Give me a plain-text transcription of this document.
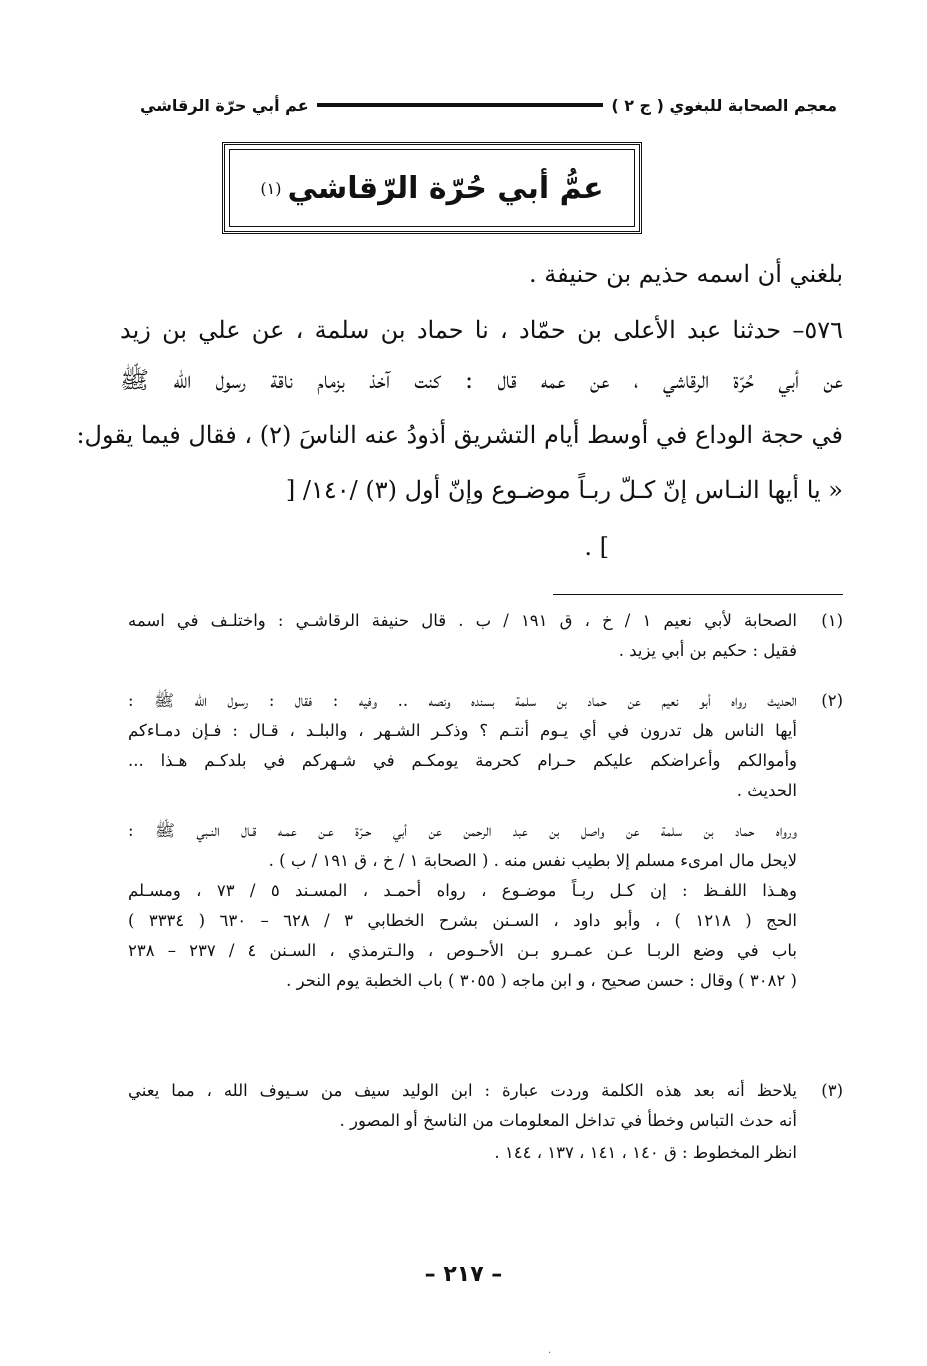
معجم الصحابة للبغوي ( ج ٢ )
عم أبي حرّة الرقاشي
عمُّ أبي حُرّة الرّقاشي
(١)
بلغني أن اسمه حذيم بن حنيفة .
٥٧٦– حدثنا عبد الأعلى بن حمّاد ، نا حماد بن سلمة ، عن علي بن زيد
عن أبي حُرّة الرقاشي ، عن عمه قال : كنت آخذ بزمام ناقة رسول الله ﷺ
في حجة الوداع في أوسط أيام التشريق أذودُ عنه الناسَ (٢) ، فقال فيما يقول:
« يا أيها النـاس إنّ كـلّ ربـاً موضـوع وإنّ أول (٣) /١٤٠/ [
] .
(١)
الصحابة لأبي نعيم ١ / خ ، ق ١٩١ / ب . قال حنيفة الرقاشـي : واختلـف في اسمه
فقيل : حكيم بن أبي يزيد .
(٢)
الحديث رواه أبو نعيم عن حماد بن سلمة بسنده ونصه .. وفيه : فقال : رسول الله ﷺ :
أيها الناس هل تدرون في أي يـوم أنتـم ؟ وذكـر الشـهر ، والبلـد ، قـال : فـإن دمـاءكم
وأموالكم وأعراضكم عليكم حـرام كحرمة يومكـم في شـهركم في بلدكـم هـذا ...
الحديث .
ورواه حماد بن سلمة عن واصل بن عبد الرحمن عن أبي حـرّة عـن عمـه قـال النـبي ﷺ :
لايحل مال امرىء مسلم إلا بطيب نفس منه . ( الصحابة ١ / خ ، ق ١٩١ / ب ) .
وهـذا اللفـظ : إن كـل ربـاً موضـوع ، رواه أحمـد ، المسـند ٥ / ٧٣ ، ومسـلم
الحج ( ١٢١٨ ) ، وأبو داود ، السـنن بشرح الخطابي ٣ / ٦٢٨ – ٦٣٠ ( ٣٣٣٤ )
باب في وضع الربـا عـن عمـرو بـن الأحـوص ، والـترمذي ، السـنن ٤ / ٢٣٧ – ٢٣٨
( ٣٠٨٢ ) وقال : حسن صحيح ، و ابن ماجه ( ٣٠٥٥ ) باب الخطبة يوم النحر .
(٣)
يلاحظ أنه بعد هذه الكلمة وردت عبارة : ابن الوليد سيف من سـيوف الله ، مما يعني
أنه حدث التباس وخطأ في تداخل المعلومات من الناسخ أو المصور .
انظر المخطوط : ق ١٤٠ ، ١٤١ ، ١٣٧ ، ١٤٤ .
– ٢١٧ –
·
